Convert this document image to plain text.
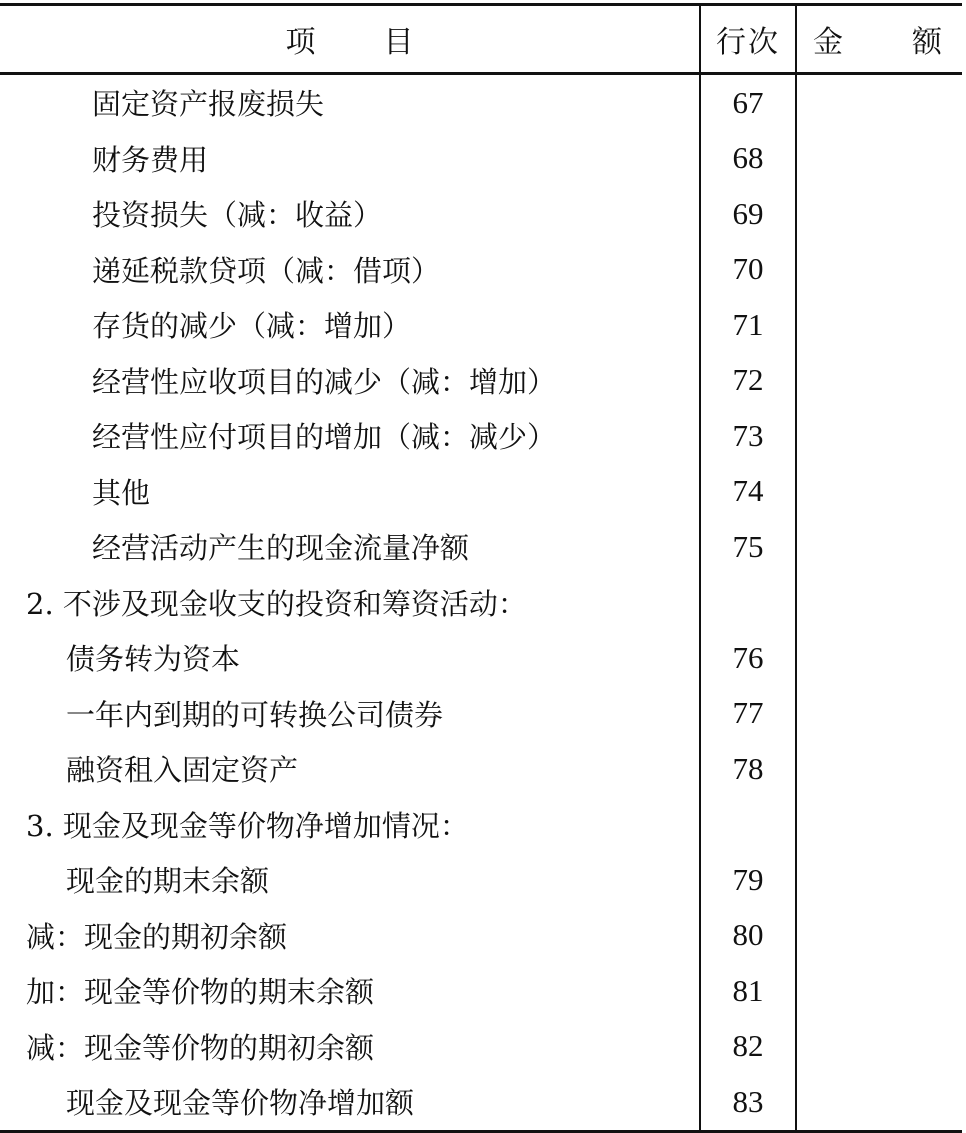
项目	行次	金 额

固定资产报废损失	67	
财务费用	68	
投资损失（减：收益）	69	
递延税款贷项（减：借项）	70	
存货的减少（减：增加）	71	
经营性应收项目的减少（减：增加）	72	
经营性应付项目的增加（减：减少）	73	
其他	74	
经营活动产生的现金流量净额	75	
2. 不涉及现金收支的投资和筹资活动：		
债务转为资本	76	
一年内到期的可转换公司债券	77	
融资租入固定资产	78	
3. 现金及现金等价物净增加情况：		
现金的期末余额	79	
减：现金的期初余额	80	
加：现金等价物的期末余额	81	
减：现金等价物的期初余额	82	
现金及现金等价物净增加额	83	
